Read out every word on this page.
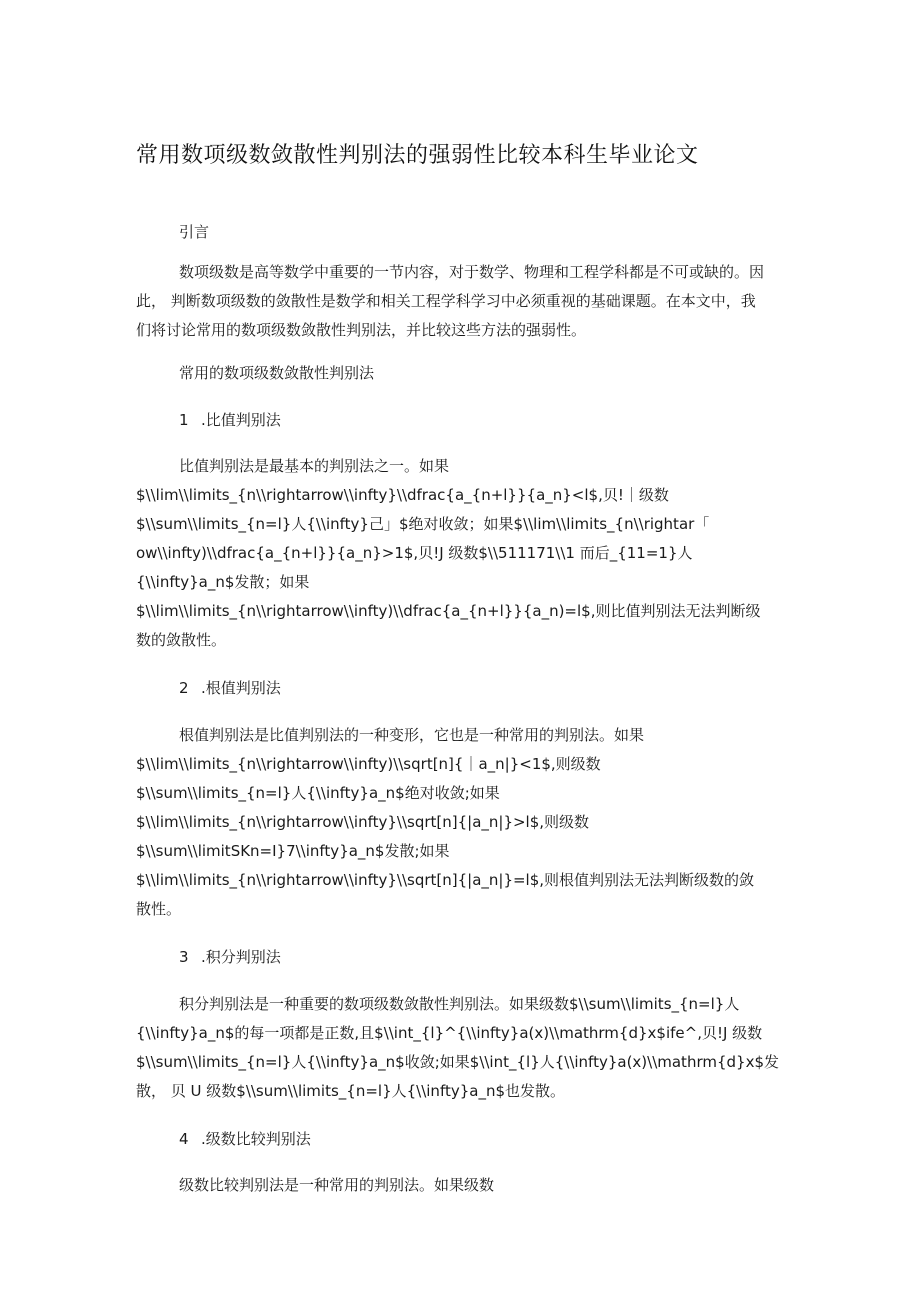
常用数项级数敛散性判别法的强弱性比较本科生毕业论文
引言
数项级数是高等数学中重要的一节内容，对于数学、物理和工程学科都是不可或缺的。因
此， 判断数项级数的敛散性是数学和相关工程学科学习中必须重视的基础课题。在本文中，我
们将讨论常用的数项级数敛散性判别法，并比较这些方法的强弱性。
常用的数项级数敛散性判别法
1 .比值判别法
比值判别法是最基本的判别法之一。如果
$\\lim\\limits_{n\\rightarrow\\infty}\\dfrac{a_{n+l}}{a_n}<l$,贝!｜级数
$\\sum\\limits_{n=l}人{\\infty}己」$绝对收敛；如果$\\lim\\limits_{n\\rightar「
ow\\infty)\\dfrac{a_{n+l}}{a_n}>1$,贝!J 级数$\\511171\\1 而后_{11=1}人
{\\infty}a_n$发散；如果
$\\lim\\limits_{n\\rightarrow\\infty)\\dfrac{a_{n+l}}{a_n)=l$,则比值判别法无法判断级
数的敛散性。
2 .根值判别法
根值判别法是比值判别法的一种变形，它也是一种常用的判别法。如果
$\\lim\\limits_{n\\rightarrow\\infty)\\sqrt[n]{｜a_n|}<1$,则级数
$\\sum\\limits_{n=l}人{\\infty}a_n$绝对收敛;如果
$\\lim\\limits_{n\\rightarrow\\infty}\\sqrt[n]{|a_n|}>l$,则级数
$\\sum\\limitSKn=I}7\\infty}a_n$发散;如果
$\\lim\\limits_{n\\rightarrow\\infty}\\sqrt[n]{|a_n|}=l$,则根值判别法无法判断级数的敛
散性。
3 .积分判别法
积分判别法是一种重要的数项级数敛散性判别法。如果级数$\\sum\\limits_{n=l}人
{\\infty}a_n$的每一项都是正数,且$\\int_{l}^{\\infty}a(x)\\mathrm{d}x$ife^,贝!J 级数
$\\sum\\limits_{n=l}人{\\infty}a_n$收敛;如果$\\int_{l}人{\\infty}a(x)\\mathrm{d}x$发
散， 贝 U 级数$\\sum\\limits_{n=l}人{\\infty}a_n$也发散。
4 .级数比较判别法
级数比较判别法是一种常用的判别法。如果级数
